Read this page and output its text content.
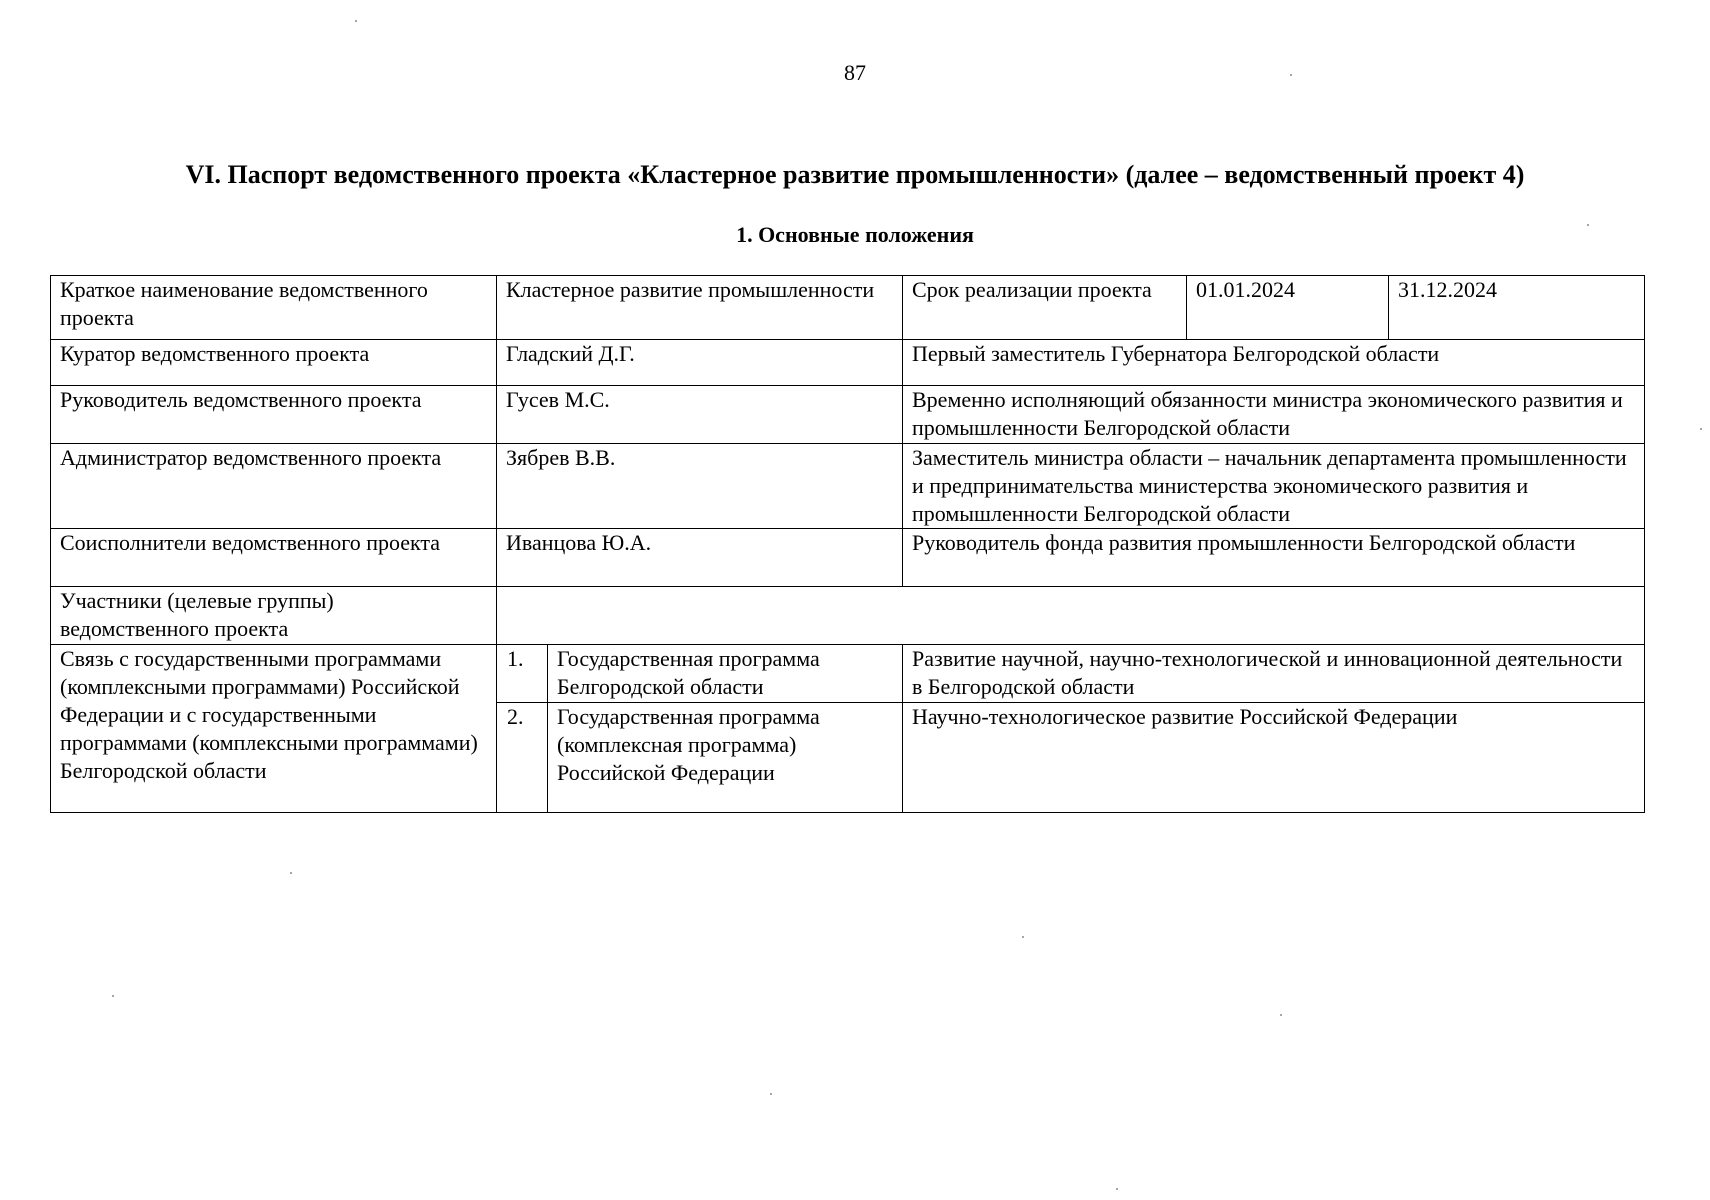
87
VI. Паспорт ведомственного проекта «Кластерное развитие промышленности» (далее – ведомственный проект 4)
1. Основные положения
Краткое наименование ведомственного проекта	Кластерное развитие промышленности		Срок реализации проекта	01.01.2024	31.12.2024
Куратор ведомственного проекта	Гладский Д.Г.		Первый заместитель Губернатора Белгородской области		
Руководитель ведомственного проекта	Гусев М.С.		Временно исполняющий обязанности министра экономического развития и промышленности Белгородской области		
Администратор ведомственного проекта	Зябрев В.В.		Заместитель министра области – начальник департамента промышленности и предпринимательства министерства экономического развития и промышленности Белгородской области		
Соисполнители ведомственного проекта	Иванцова Ю.А.		Руководитель фонда развития промышленности Белгородской области		
Участники (целевые группы) ведомственного проекта					
Связь с государственными программами (комплексными программами) Российской Федерации и с государственными программами (комплексными программами) Белгородской области	1.	Государственная программа Белгородской области	Развитие научной, научно-технологической и инновационной деятельности в Белгородской области		
	2.	Государственная программа (комплексная программа) Российской Федерации	Научно-технологическое развитие Российской Федерации		
